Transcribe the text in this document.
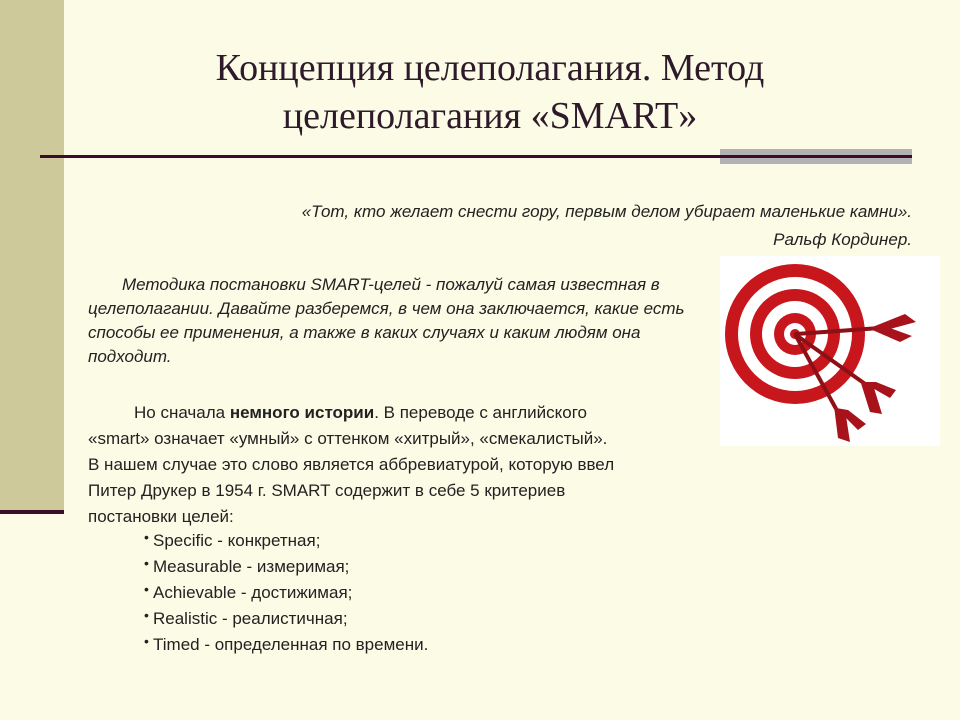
Концепция целеполагания. Метод
целеполагания «SMART»
«Тот, кто желает снести гору, первым делом убирает маленькие камни».
Ральф Кординер.
Методика постановки SMART-целей - пожалуй самая известная в целеполагании. Давайте разберемся, в чем она заключается, какие есть способы ее применения, а также в каких случаях и каким людям она подходит.
Но сначала немного истории. В переводе с английского
«smart» означает «умный» с оттенком «хитрый», «смекалистый».
В нашем случае это слово является аббревиатурой, которую ввел
Питер Друкер в 1954 г. SMART содержит в себе 5 критериев
постановки целей:
• Specific - конкретная;
• Measurable - измеримая;
• Achievable - достижимая;
• Realistic - реалистичная;
• Timed - определенная по времени.
